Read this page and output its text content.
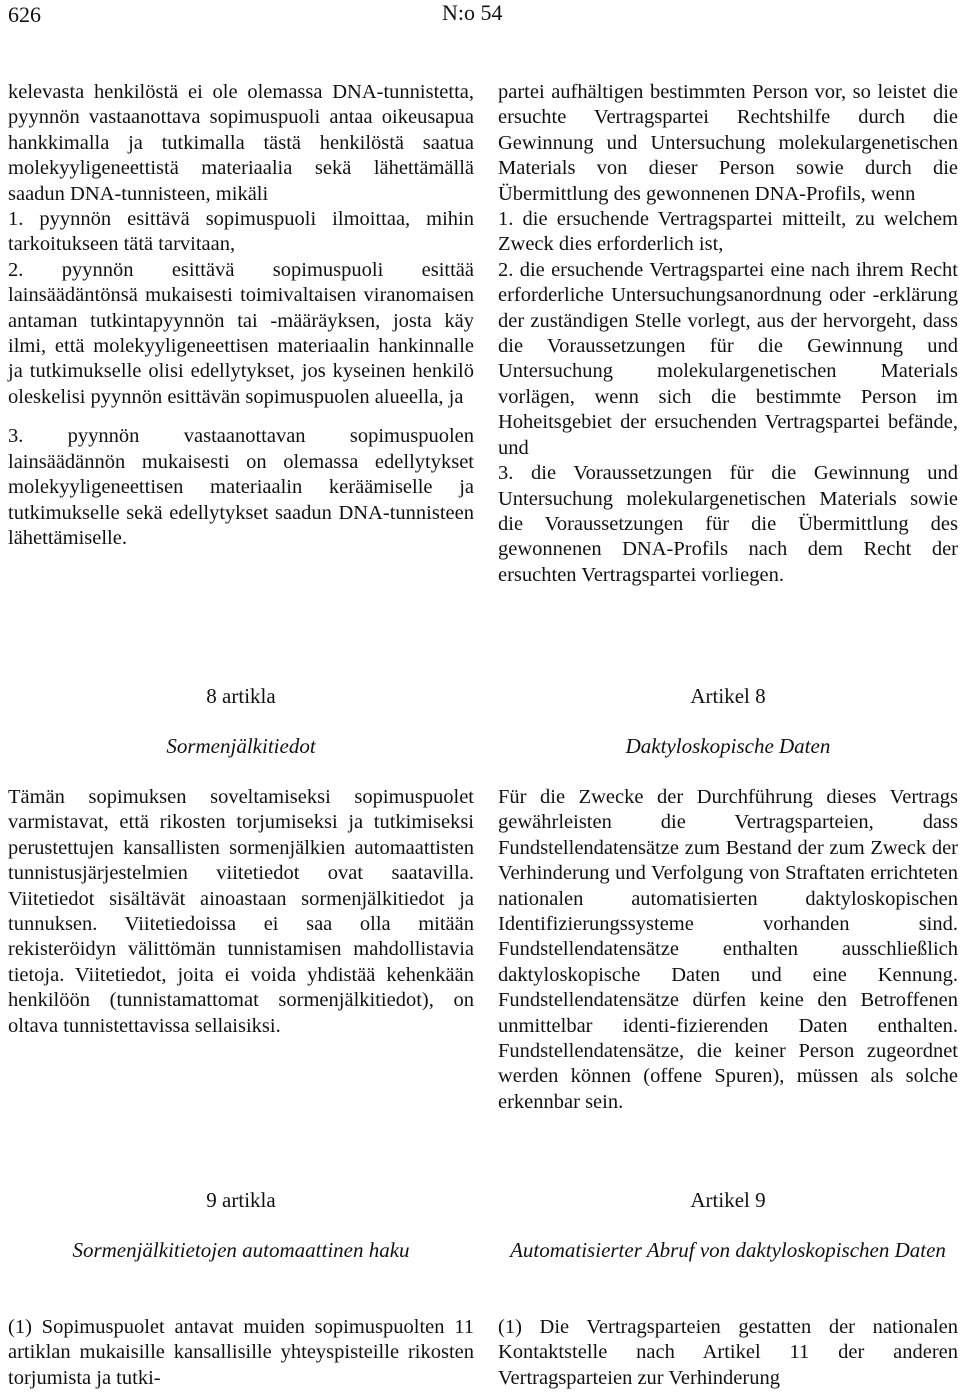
626	N:o 54

kelevasta henkilöstä ei ole olemassa DNA-tunnistetta, pyynnön vastaanottava sopimuspuoli antaa oikeusapua hankkimalla ja tutkimalla tästä henkilöstä saatua molekyyligeneettistä materiaalia sekä lähettämällä saadun DNA-tunnisteen, mikäli

1. pyynnön esittävä sopimuspuoli ilmoittaa, mihin tarkoitukseen tätä tarvitaan,

2. pyynnön esittävä sopimuspuoli esittää lainsäädäntönsä mukaisesti toimivaltaisen viranomaisen antaman tutkintapyynnön tai -määräyksen, josta käy ilmi, että molekyyligeneettisen materiaalin hankinnalle ja tutkimukselle olisi edellytykset, jos kyseinen henkilö oleskelisi pyynnön esittävän sopimuspuolen alueella, ja

3. pyynnön vastaanottavan sopimuspuolen lainsäädännön mukaisesti on olemassa edellytykset molekyyligeneettisen materiaalin keräämiselle ja tutkimukselle sekä edellytykset saadun DNA-tunnisteen lähettämiselle.

partei aufhältigen bestimmten Person vor, so leistet die ersuchte Vertragspartei Rechtshilfe durch die Gewinnung und Untersuchung molekulargenetischen Materials von dieser Person sowie durch die Übermittlung des gewonnenen DNA-Profils, wenn

1. die ersuchende Vertragspartei mitteilt, zu welchem Zweck dies erforderlich ist,

2. die ersuchende Vertragspartei eine nach ihrem Recht erforderliche Untersuchungsanordnung oder -erklärung der zuständigen Stelle vorlegt, aus der hervorgeht, dass die Voraussetzungen für die Gewinnung und Untersuchung molekulargenetischen Materials vorlägen, wenn sich die bestimmte Person im Hoheitsgebiet der ersuchenden Vertragspartei befände, und

3. die Voraussetzungen für die Gewinnung und Untersuchung molekulargenetischen Materials sowie die Voraussetzungen für die Übermittlung des gewonnenen DNA-Profils nach dem Recht der ersuchten Vertragspartei vorliegen.

8 artikla
Sormenjälkitiedot
Artikel 8
Daktyloskopische Daten

Tämän sopimuksen soveltamiseksi sopimuspuolet varmistavat, että rikosten torjumiseksi ja tutkimiseksi perustettujen kansallisten sormenjälkien automaattisten tunnistusjärjestelmien viitetiedot ovat saatavilla. Viitetiedot sisältävät ainoastaan sormenjälkitiedot ja tunnuksen. Viitetiedoissa ei saa olla mitään rekisteröidyn välittömän tunnistamisen mahdollistavia tietoja. Viitetiedot, joita ei voida yhdistää kehenkään henkilöön (tunnistamattomat sormenjälkitiedot), on oltava tunnistettavissa sellaisiksi.

Für die Zwecke der Durchführung dieses Vertrags gewährleisten die Vertragsparteien, dass Fundstellendatensätze zum Bestand der zum Zweck der Verhinderung und Verfolgung von Straftaten errichteten nationalen automatisierten daktyloskopischen Identifizierungssysteme vorhanden sind. Fundstellendatensätze enthalten ausschließlich daktyloskopische Daten und eine Kennung. Fundstellendatensätze dürfen keine den Betroffenen unmittelbar identi-fizierenden Daten enthalten. Fundstellendatensätze, die keiner Person zugeordnet werden können (offene Spuren), müssen als solche erkennbar sein.

9 artikla
Sormenjälkitietojen automaattinen haku
Artikel 9
Automatisierter Abruf von daktyloskopischen Daten

(1) Sopimuspuolet antavat muiden sopimuspuolten 11 artiklan mukaisille kansallisille yhteyspisteille rikosten torjumista ja tutki-

(1) Die Vertragsparteien gestatten der nationalen Kontaktstelle nach Artikel 11 der anderen Vertragsparteien zur Verhinderung
